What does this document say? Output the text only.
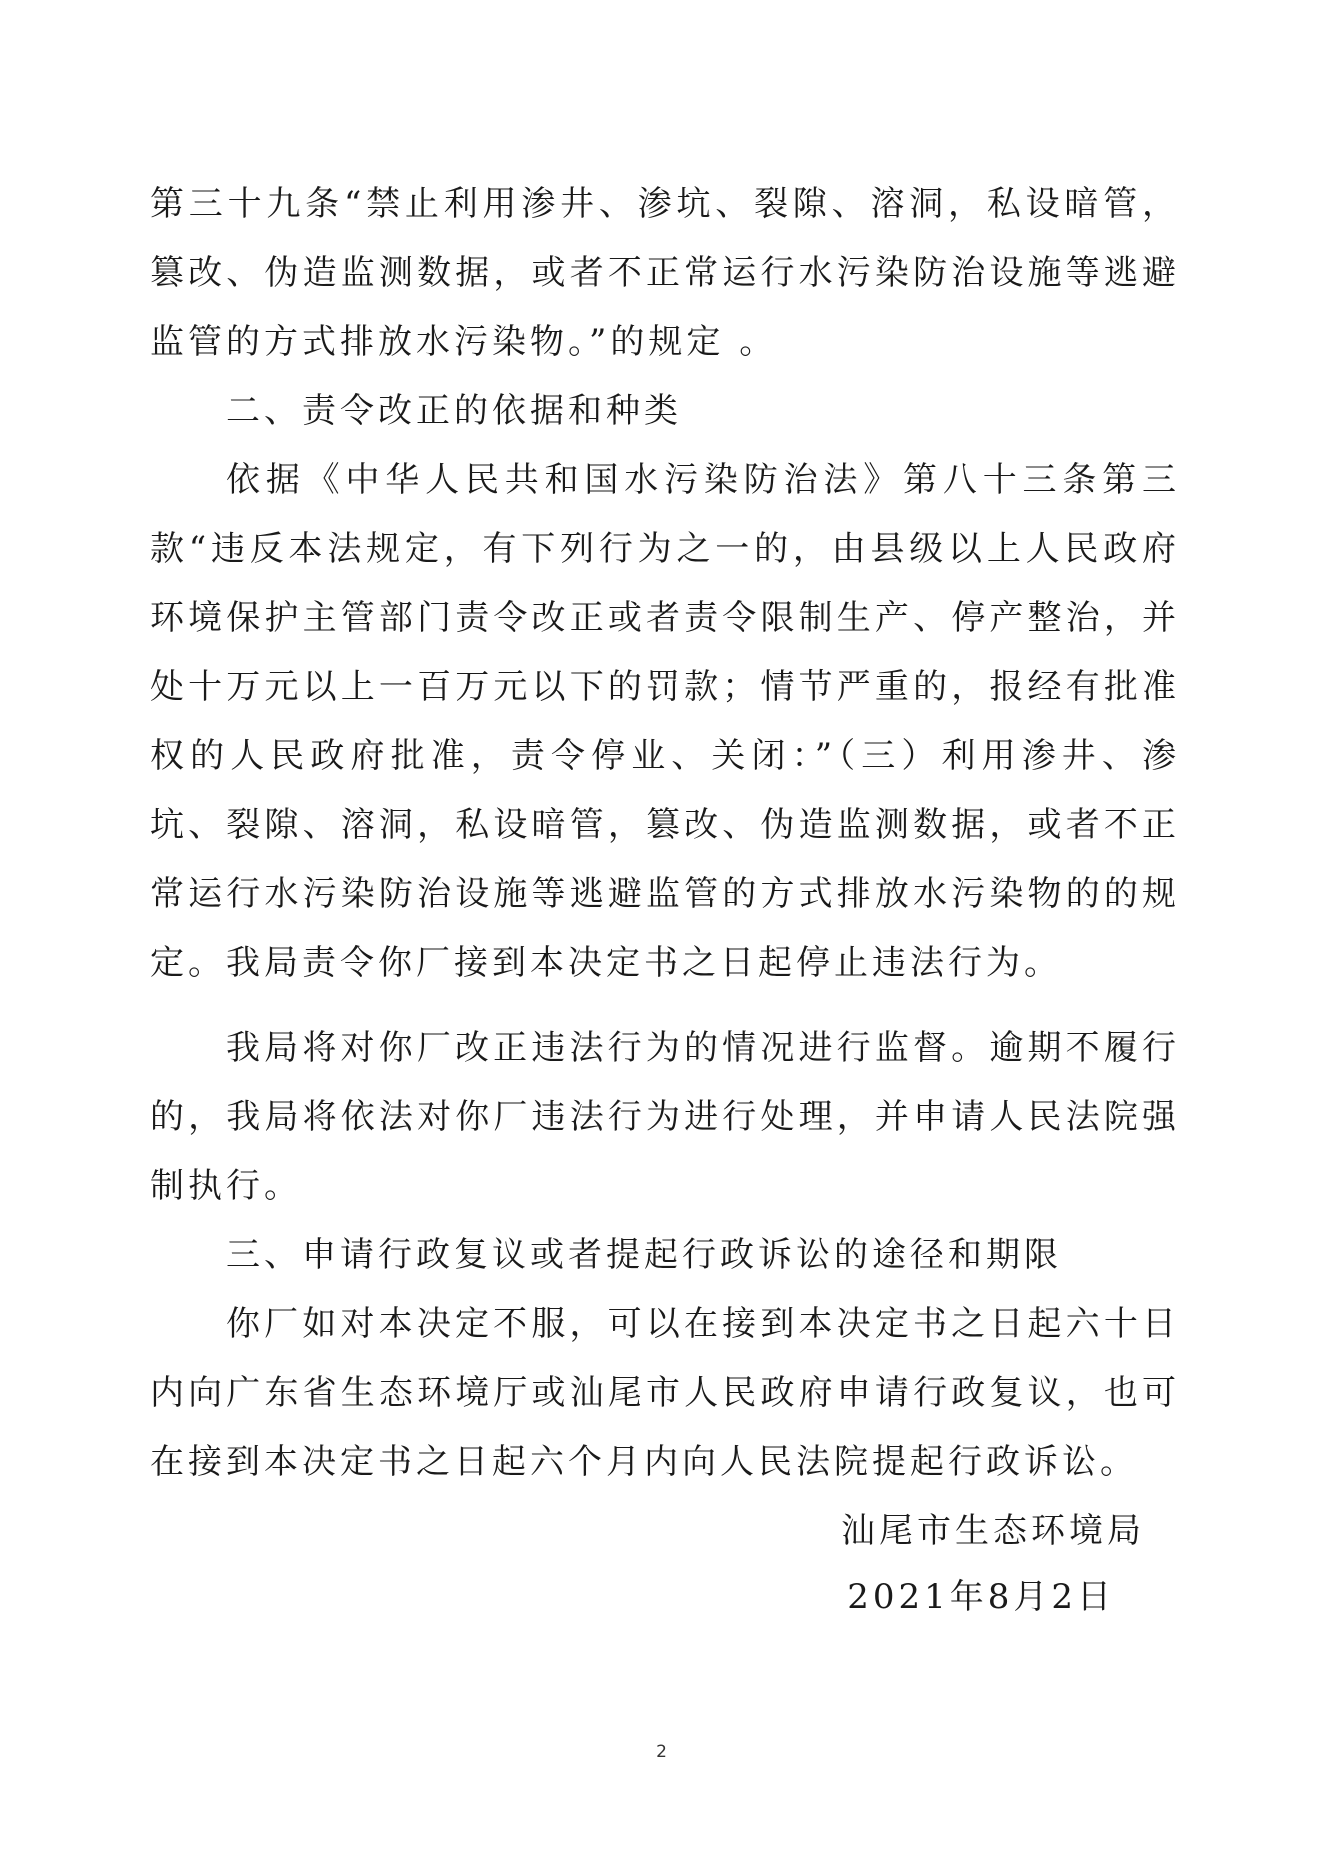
第三十九条“禁止利用渗井、渗坑、裂隙、溶洞，私设暗管，篡改、伪造监测数据，或者不正常运行水污染防治设施等逃避监管的方式排放水污染物。”的规定 。

二、责令改正的依据和种类

依据《中华人民共和国水污染防治法》第八十三条第三款“违反本法规定，有下列行为之一的，由县级以上人民政府环境保护主管部门责令改正或者责令限制生产、停产整治，并处十万元以上一百万元以下的罚款；情节严重的，报经有批准权的人民政府批准，责令停业、关闭：”（三）利用渗井、渗坑、裂隙、溶洞，私设暗管，篡改、伪造监测数据，或者不正常运行水污染防治设施等逃避监管的方式排放水污染物的的规定。我局责令你厂接到本决定书之日起停止违法行为。

我局将对你厂改正违法行为的情况进行监督。逾期不履行的，我局将依法对你厂违法行为进行处理，并申请人民法院强制执行。

三、申请行政复议或者提起行政诉讼的途径和期限

你厂如对本决定不服，可以在接到本决定书之日起六十日内向广东省生态环境厅或汕尾市人民政府申请行政复议，也可在接到本决定书之日起六个月内向人民法院提起行政诉讼。

汕尾市生态环境局
2021年8月2日
2
